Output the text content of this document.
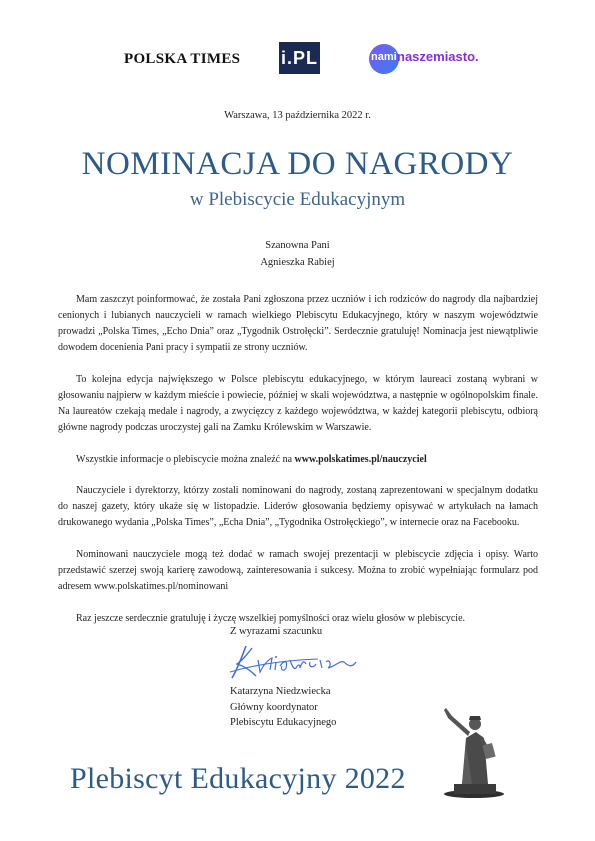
POLSKA TIMES i.PL	nami naszemiasto.
Warszawa, 13 października 2022 r.
NOMINACJA DO NAGRODY
w Plebiscycie Edukacyjnym
Szanowna Pani
Agnieszka Rabiej

Mam zaszczyt poinformować, że została Pani zgłoszona przez uczniów i ich rodziców do nagrody dla najbardziej cenionych i lubianych nauczycieli w ramach wielkiego Plebiscytu Edukacyjnego, który w naszym województwie prowadzi „Polska Times, „Echo Dnia” oraz „Tygodnik Ostrołęcki”. Serdecznie gratuluję! Nominacja jest niewątpliwie dowodem docenienia Pani pracy i sympatii ze strony uczniów.

To kolejna edycja największego w Polsce plebiscytu edukacyjnego, w którym laureaci zostaną wybrani w głosowaniu najpierw w każdym mieście i powiecie, później w skali województwa, a następnie w ogólnopolskim finale. Na laureatów czekają medale i nagrody, a zwycięzcy z każdego województwa, w każdej kategorii plebiscytu, odbiorą główne nagrody podczas uroczystej gali na Zamku Królewskim w Warszawie.

Wszystkie informacje o plebiscycie można znaleźć na www.polskatimes.pl/nauczyciel

Nauczyciele i dyrektorzy, którzy zostali nominowani do nagrody, zostaną zaprezentowani w specjalnym dodatku do naszej gazety, który ukaże się w listopadzie. Liderów głosowania będziemy opisywać w artykułach na łamach drukowanego wydania „Polska Times”, „Echa Dnia”, „Tygodnika Ostrołęckiego”, w internecie oraz na Facebooku.

Nominowani nauczyciele mogą też dodać w ramach swojej prezentacji w plebiscycie zdjęcia i opisy. Warto przedstawić szerzej swoją karierę zawodową, zainteresowania i sukcesy. Można to zrobić wypełniając formularz pod adresem www.polskatimes.pl/nominowani

Raz jeszcze serdecznie gratuluję i życzę wszelkiej pomyślności oraz wielu głosów w plebiscycie.

Z wyrazami szacunku
Katarzyna Niedzwiecka
Główny koordynator
Plebiscytu Edukacyjnego
Plebiscyt Edukacyjny 2022
